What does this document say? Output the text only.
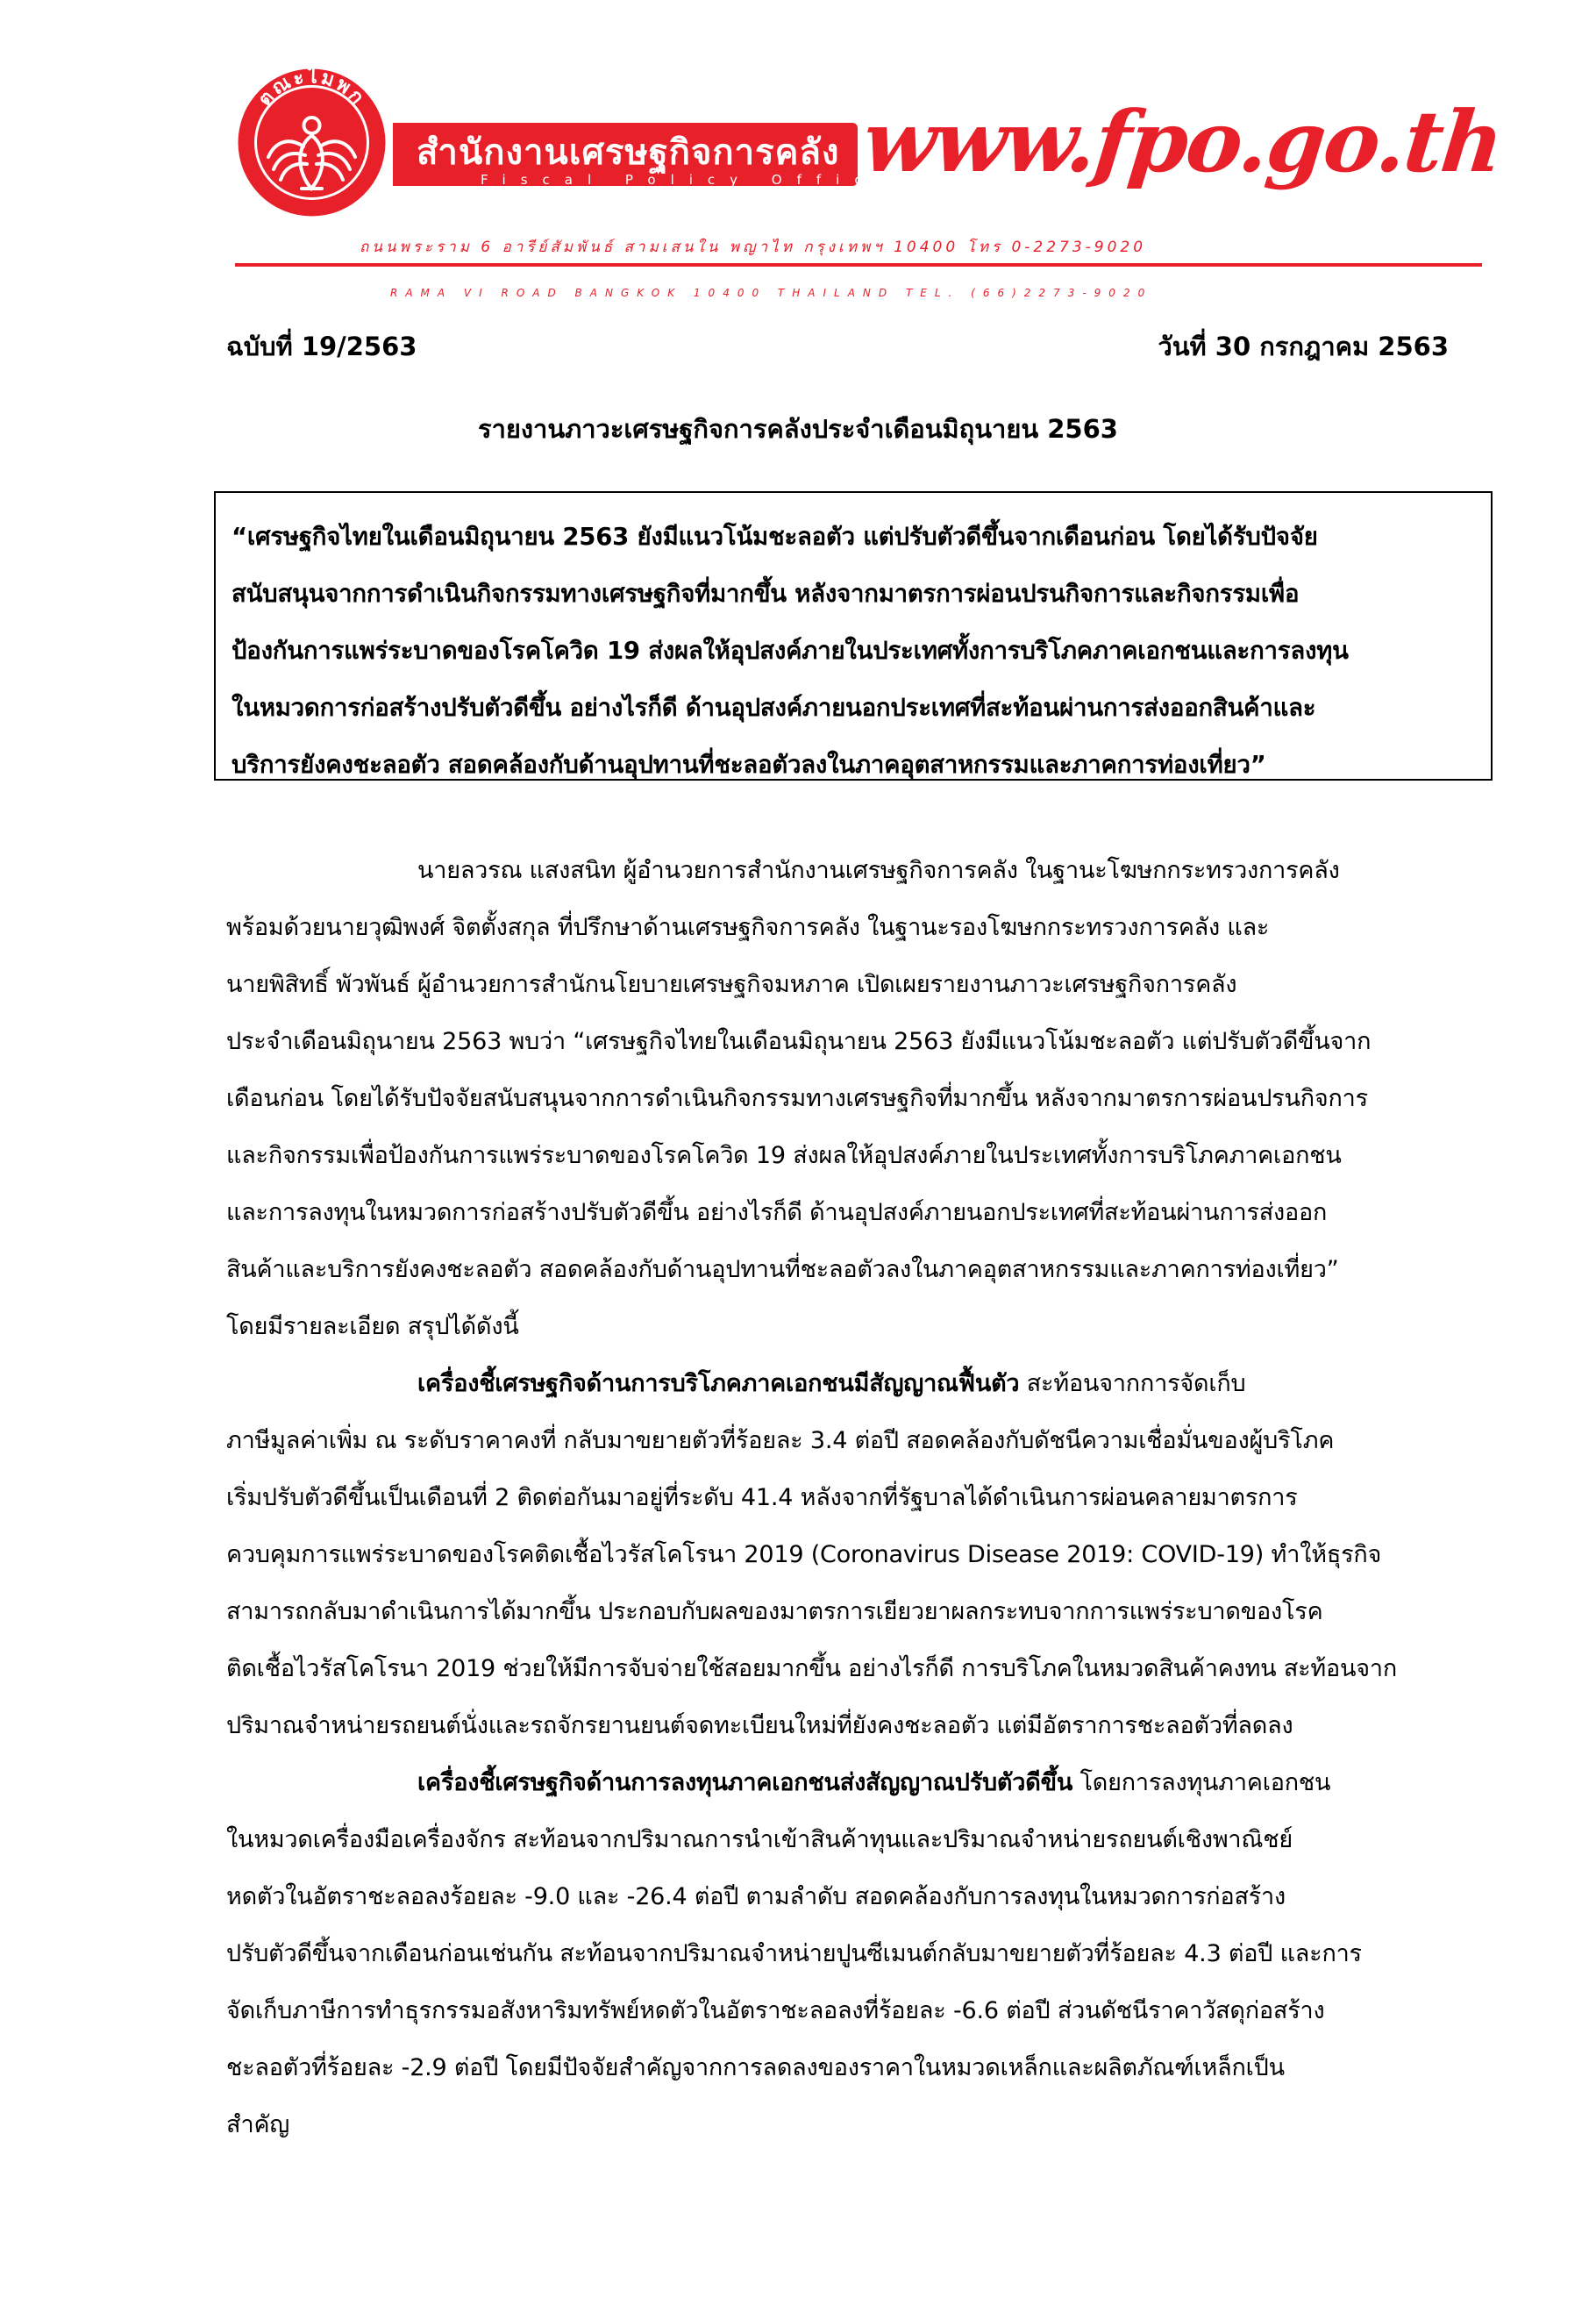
ตณะไมพก
สำนักงานเศรษฐกิจการคลัง
Fiscal Policy Office
www.fpo.go.th
ถนนพระราม 6 อารีย์สัมพันธ์ สามเสนใน พญาไท กรุงเทพฯ 10400 โทร 0-2273-9020
RAMA VI ROAD BANGKOK 10400 THAILAND TEL. (66)2273-9020
ฉบับที่ 19/2563	วันที่ 30 กรกฎาคม 2563
รายงานภาวะเศรษฐกิจการคลังประจำเดือนมิถุนายน 2563
“เศรษฐกิจไทยในเดือนมิถุนายน 2563 ยังมีแนวโน้มชะลอตัว แต่ปรับตัวดีขึ้นจากเดือนก่อน โดยได้รับปัจจัย
สนับสนุนจากการดำเนินกิจกรรมทางเศรษฐกิจที่มากขึ้น หลังจากมาตรการผ่อนปรนกิจการและกิจกรรมเพื่อ
ป้องกันการแพร่ระบาดของโรคโควิด 19 ส่งผลให้อุปสงค์ภายในประเทศทั้งการบริโภคภาคเอกชนและการลงทุน
ในหมวดการก่อสร้างปรับตัวดีขึ้น อย่างไรก็ดี ด้านอุปสงค์ภายนอกประเทศที่สะท้อนผ่านการส่งออกสินค้าและ
บริการยังคงชะลอตัว สอดคล้องกับด้านอุปทานที่ชะลอตัวลงในภาคอุตสาหกรรมและภาคการท่องเที่ยว”
นายลวรณ แสงสนิท ผู้อำนวยการสำนักงานเศรษฐกิจการคลัง ในฐานะโฆษกกระทรวงการคลัง
พร้อมด้วยนายวุฒิพงศ์ จิตตั้งสกุล ที่ปรึกษาด้านเศรษฐกิจการคลัง ในฐานะรองโฆษกกระทรวงการคลัง และ
นายพิสิทธิ์ พัวพันธ์ ผู้อำนวยการสำนักนโยบายเศรษฐกิจมหภาค เปิดเผยรายงานภาวะเศรษฐกิจการคลัง
ประจำเดือนมิถุนายน 2563 พบว่า “เศรษฐกิจไทยในเดือนมิถุนายน 2563 ยังมีแนวโน้มชะลอตัว แต่ปรับตัวดีขึ้นจาก
เดือนก่อน โดยได้รับปัจจัยสนับสนุนจากการดำเนินกิจกรรมทางเศรษฐกิจที่มากขึ้น หลังจากมาตรการผ่อนปรนกิจการ
และกิจกรรมเพื่อป้องกันการแพร่ระบาดของโรคโควิด 19 ส่งผลให้อุปสงค์ภายในประเทศทั้งการบริโภคภาคเอกชน
และการลงทุนในหมวดการก่อสร้างปรับตัวดีขึ้น อย่างไรก็ดี ด้านอุปสงค์ภายนอกประเทศที่สะท้อนผ่านการส่งออก
สินค้าและบริการยังคงชะลอตัว สอดคล้องกับด้านอุปทานที่ชะลอตัวลงในภาคอุตสาหกรรมและภาคการท่องเที่ยว”
โดยมีรายละเอียด สรุปได้ดังนี้
เครื่องชี้เศรษฐกิจด้านการบริโภคภาคเอกชนมีสัญญาณฟื้นตัว สะท้อนจากการจัดเก็บ
ภาษีมูลค่าเพิ่ม ณ ระดับราคาคงที่ กลับมาขยายตัวที่ร้อยละ 3.4 ต่อปี สอดคล้องกับดัชนีความเชื่อมั่นของผู้บริโภค
เริ่มปรับตัวดีขึ้นเป็นเดือนที่ 2 ติดต่อกันมาอยู่ที่ระดับ 41.4 หลังจากที่รัฐบาลได้ดำเนินการผ่อนคลายมาตรการ
ควบคุมการแพร่ระบาดของโรคติดเชื้อไวรัสโคโรนา 2019 (Coronavirus Disease 2019: COVID-19) ทำให้ธุรกิจ
สามารถกลับมาดำเนินการได้มากขึ้น ประกอบกับผลของมาตรการเยียวยาผลกระทบจากการแพร่ระบาดของโรค
ติดเชื้อไวรัสโคโรนา 2019 ช่วยให้มีการจับจ่ายใช้สอยมากขึ้น อย่างไรก็ดี การบริโภคในหมวดสินค้าคงทน สะท้อนจาก
ปริมาณจำหน่ายรถยนต์นั่งและรถจักรยานยนต์จดทะเบียนใหม่ที่ยังคงชะลอตัว แต่มีอัตราการชะลอตัวที่ลดลง
เครื่องชี้เศรษฐกิจด้านการลงทุนภาคเอกชนส่งสัญญาณปรับตัวดีขึ้น โดยการลงทุนภาคเอกชน
ในหมวดเครื่องมือเครื่องจักร สะท้อนจากปริมาณการนำเข้าสินค้าทุนและปริมาณจำหน่ายรถยนต์เชิงพาณิชย์
หดตัวในอัตราชะลอลงร้อยละ -9.0 และ -26.4 ต่อปี ตามลำดับ สอดคล้องกับการลงทุนในหมวดการก่อสร้าง
ปรับตัวดีขึ้นจากเดือนก่อนเช่นกัน สะท้อนจากปริมาณจำหน่ายปูนซีเมนต์กลับมาขยายตัวที่ร้อยละ 4.3 ต่อปี และการ
จัดเก็บภาษีการทำธุรกรรมอสังหาริมทรัพย์หดตัวในอัตราชะลอลงที่ร้อยละ -6.6 ต่อปี ส่วนดัชนีราคาวัสดุก่อสร้าง
ชะลอตัวที่ร้อยละ -2.9 ต่อปี โดยมีปัจจัยสำคัญจากการลดลงของราคาในหมวดเหล็กและผลิตภัณฑ์เหล็กเป็น
สำคัญ
